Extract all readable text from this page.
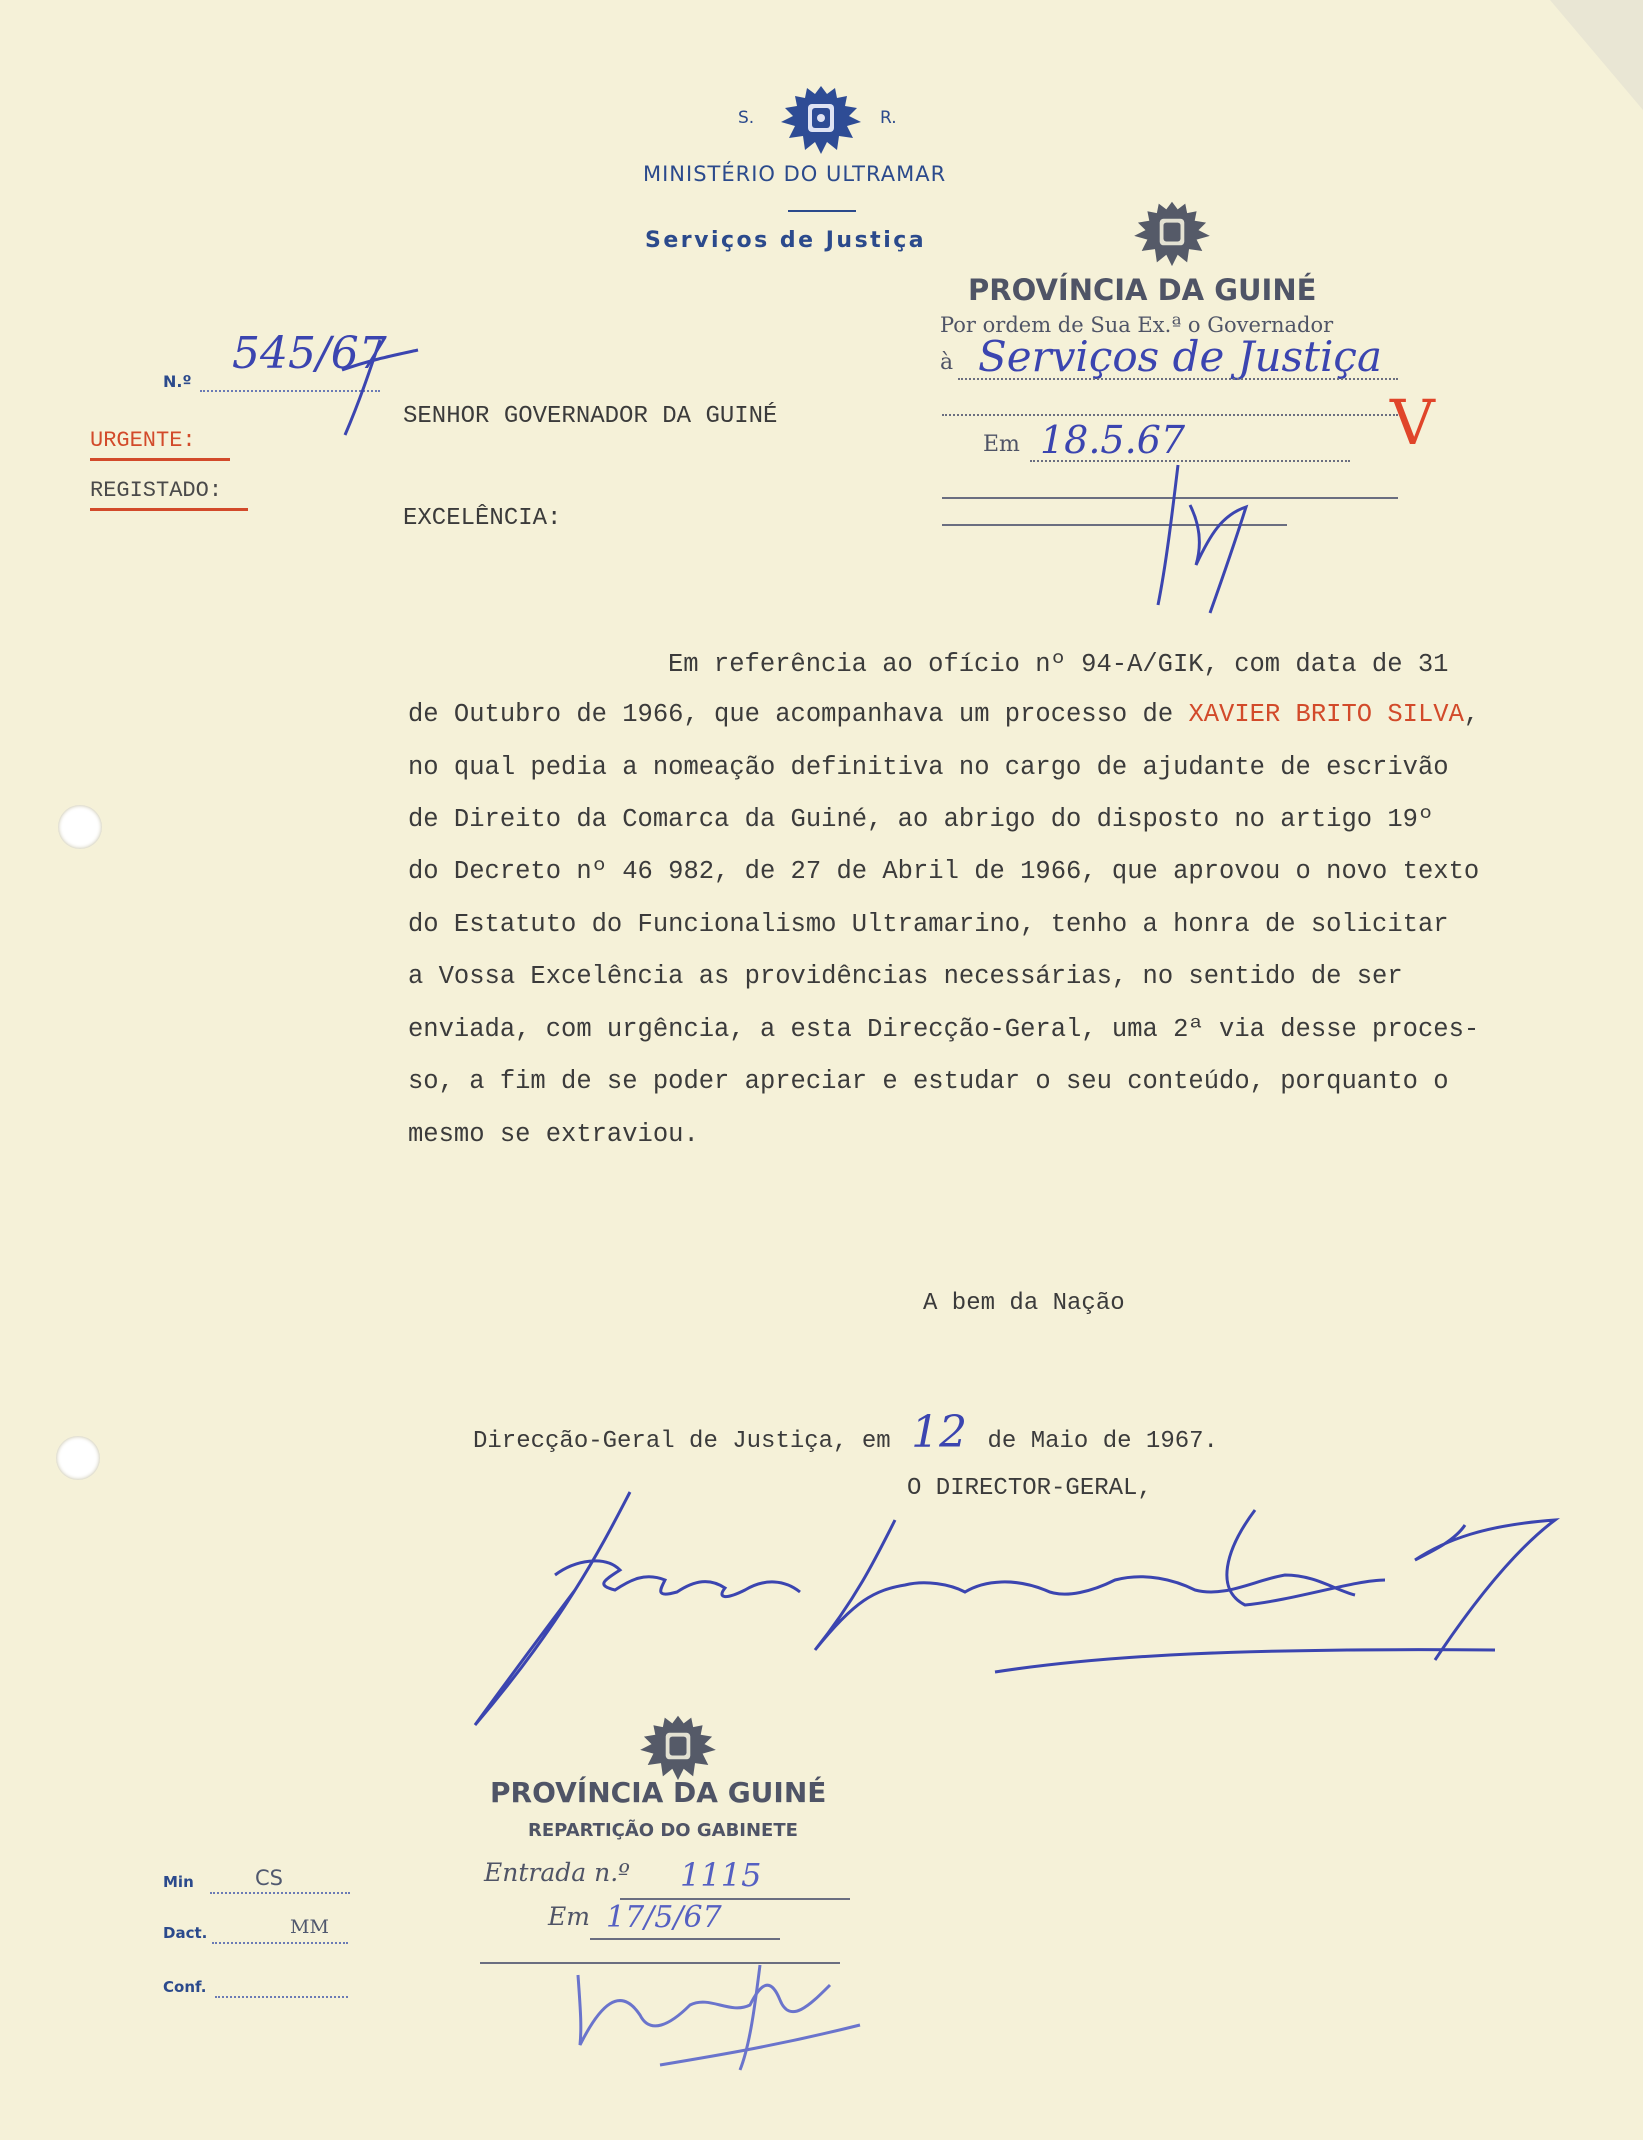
S.	R.
MINISTÉRIO DO ULTRAMAR
Serviços de Justiça
N.º
545/67
URGENTE:
REGISTADO:
PROVÍNCIA DA GUINÉ
Por ordem de Sua Ex.ª o Governador
à Serviços de Justiça
Em 18.5.67	V
SENHOR GOVERNADOR DA GUINÉ
EXCELÊNCIA:
Em referência ao ofício nº 94-A/GIK, com data de 31
de Outubro de 1966, que acompanhava um processo de XAVIER BRITO SILVA,
no qual pedia a nomeação definitiva no cargo de ajudante de escrivão
de Direito da Comarca da Guiné, ao abrigo do disposto no artigo 19º
do Decreto nº 46 982, de 27 de Abril de 1966, que aprovou o novo texto
do Estatuto do Funcionalismo Ultramarino, tenho a honra de solicitar
a Vossa Excelência as providências necessárias, no sentido de ser
enviada, com urgência, a esta Direcção-Geral, uma 2ª via desse proces-
so, a fim de se poder apreciar e estudar o seu conteúdo, porquanto o
mesmo se extraviou.
A bem da Nação
Direcção-Geral de Justiça, em 12 de Maio de 1967.
O DIRECTOR-GERAL,
PROVÍNCIA DA GUINÉ
REPARTIÇÃO DO GABINETE
Entrada n.º 1115
Em 17/5/67
Min	CS
Dact.	MM
Conf.
